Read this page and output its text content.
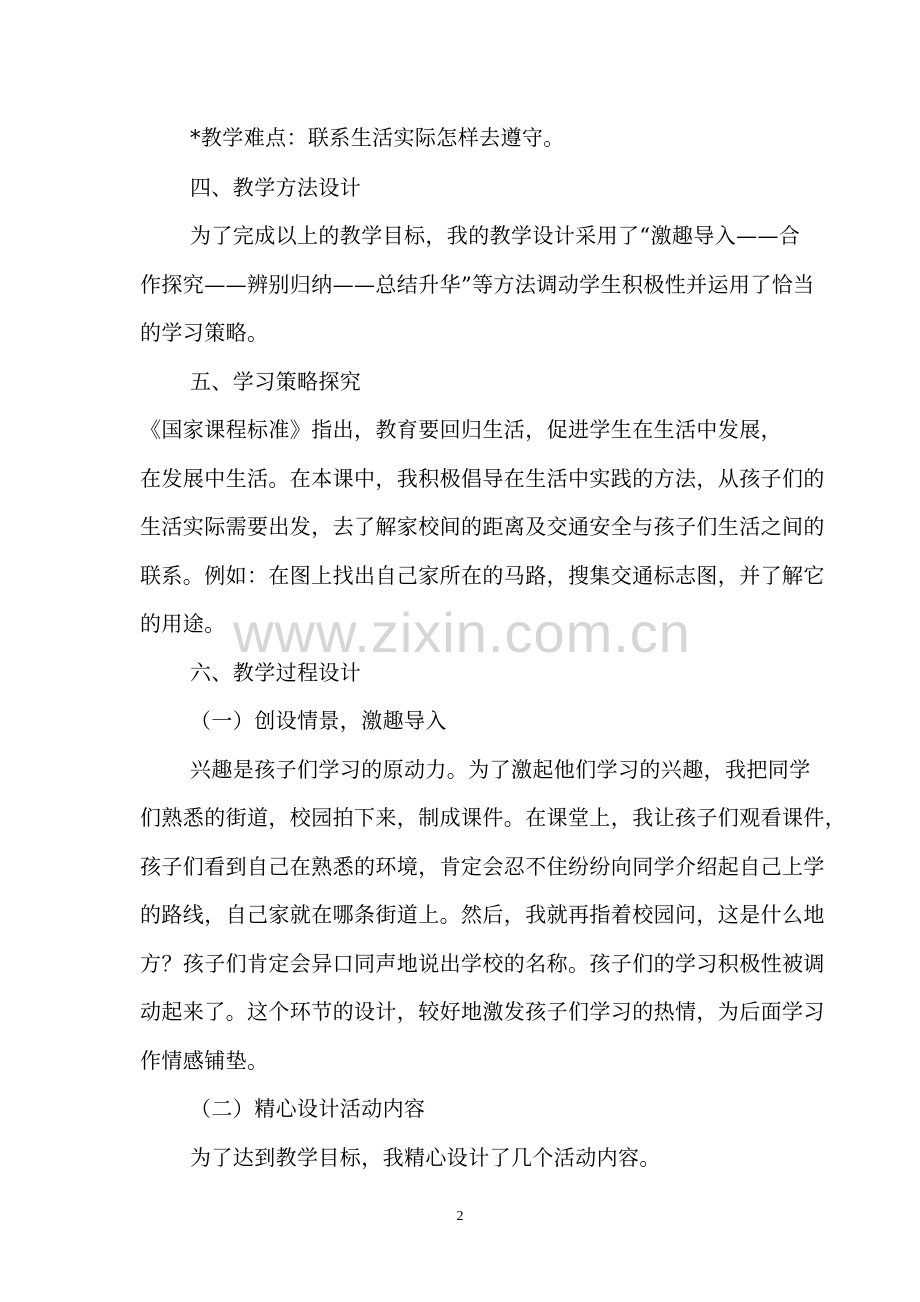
*教学难点：联系生活实际怎样去遵守。
四、教学方法设计
为了完成以上的教学目标，我的教学设计采用了“激趣导入——合
作探究——辨别归纳——总结升华”等方法调动学生积极性并运用了恰当
的学习策略。
五、学习策略探究
《国家课程标准》指出，教育要回归生活，促进学生在生活中发展，
在发展中生活。在本课中，我积极倡导在生活中实践的方法，从孩子们的
生活实际需要出发，去了解家校间的距离及交通安全与孩子们生活之间的
联系。例如：在图上找出自己家所在的马路，搜集交通标志图，并了解它
的用途。
六、教学过程设计
（一）创设情景，激趣导入
兴趣是孩子们学习的原动力。为了激起他们学习的兴趣，我把同学
们熟悉的街道，校园拍下来，制成课件。在课堂上，我让孩子们观看课件，
孩子们看到自己在熟悉的环境，肯定会忍不住纷纷向同学介绍起自己上学
的路线，自己家就在哪条街道上。然后，我就再指着校园问，这是什么地
方？孩子们肯定会异口同声地说出学校的名称。孩子们的学习积极性被调
动起来了。这个环节的设计，较好地激发孩子们学习的热情，为后面学习
作情感铺垫。
（二）精心设计活动内容
为了达到教学目标，我精心设计了几个活动内容。
www.zixin.com.cn
2
